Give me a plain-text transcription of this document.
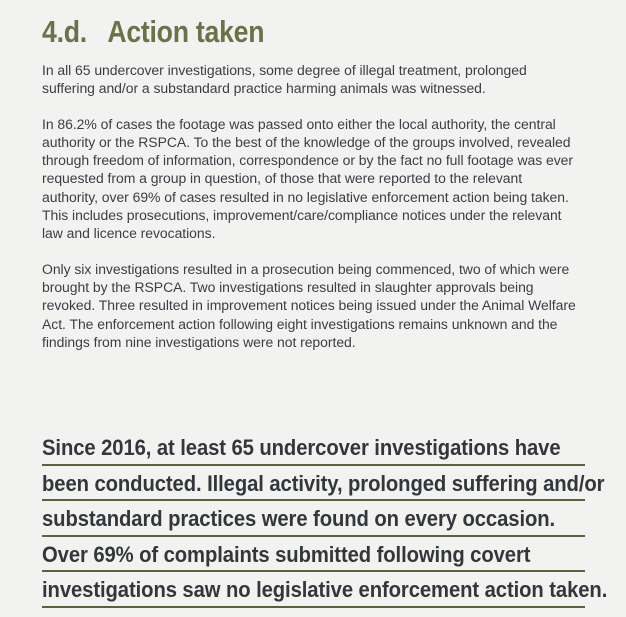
4.d.   Action taken

In all 65 undercover investigations, some degree of illegal treatment, prolonged suffering and/or a substandard practice harming animals was witnessed.

In 86.2% of cases the footage was passed onto either the local authority, the central authority or the RSPCA. To the best of the knowledge of the groups involved, revealed through freedom of information, correspondence or by the fact no full footage was ever requested from a group in question, of those that were reported to the relevant authority, over 69% of cases resulted in no legislative enforcement action being taken. This includes prosecutions, improvement/care/compliance notices under the relevant law and licence revocations.

Only six investigations resulted in a prosecution being commenced, two of which were brought by the RSPCA. Two investigations resulted in slaughter approvals being revoked. Three resulted in improvement notices being issued under the Animal Welfare Act. The enforcement action following eight investigations remains unknown and the findings from nine investigations were not reported.

Since 2016, at least 65 undercover investigations have
been conducted. Illegal activity, prolonged suffering and/or
substandard practices were found on every occasion.
Over 69% of complaints submitted following covert
investigations saw no legislative enforcement action taken.
